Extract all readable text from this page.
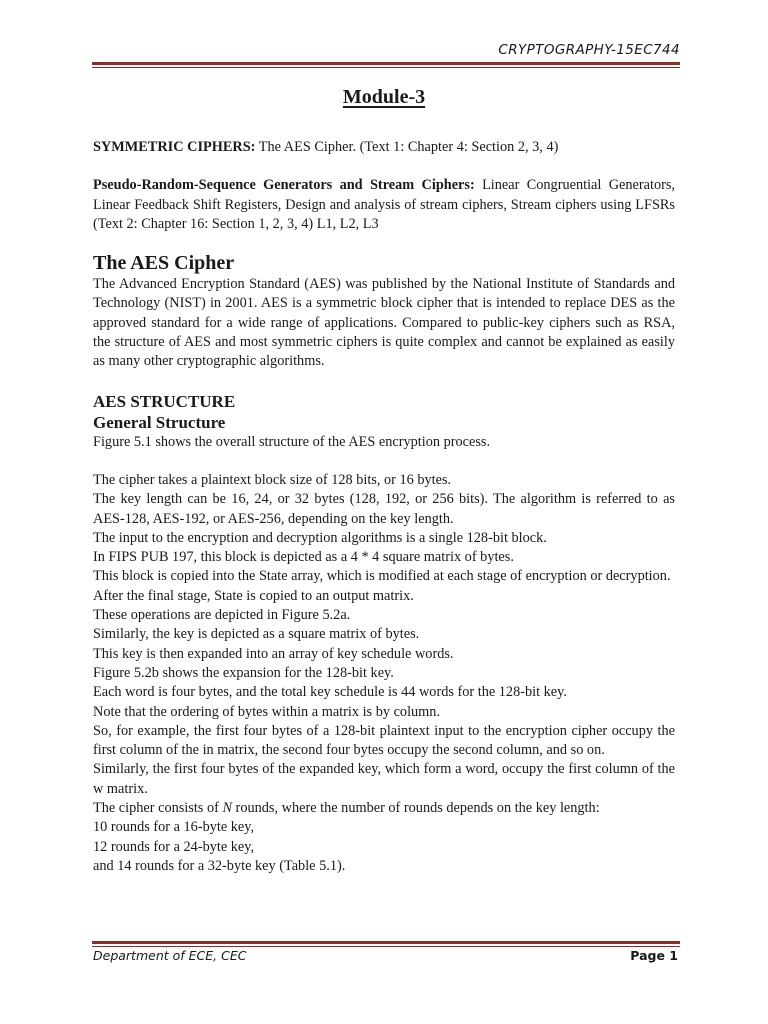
CRYPTOGRAPHY-15EC744
Module-3

SYMMETRIC CIPHERS: The AES Cipher. (Text 1: Chapter 4: Section 2, 3, 4)

Pseudo-Random-Sequence Generators and Stream Ciphers: Linear Congruential Generators, Linear Feedback Shift Registers, Design and analysis of stream ciphers, Stream ciphers using LFSRs (Text 2: Chapter 16: Section 1, 2, 3, 4) L1, L2, L3

The AES Cipher

The Advanced Encryption Standard (AES) was published by the National Institute of Standards and Technology (NIST) in 2001. AES is a symmetric block cipher that is intended to replace DES as the approved standard for a wide range of applications. Compared to public-key ciphers such as RSA, the structure of AES and most symmetric ciphers is quite complex and cannot be explained as easily as many other cryptographic algorithms.

AES STRUCTURE
General Structure

Figure 5.1 shows the overall structure of the AES encryption process.

The cipher takes a plaintext block size of 128 bits, or 16 bytes.

The key length can be 16, 24, or 32 bytes (128, 192, or 256 bits). The algorithm is referred to as AES-128, AES-192, or AES-256, depending on the key length.

The input to the encryption and decryption algorithms is a single 128-bit block.

In FIPS PUB 197, this block is depicted as a 4 * 4 square matrix of bytes.

This block is copied into the State array, which is modified at each stage of encryption or decryption.

After the final stage, State is copied to an output matrix.

These operations are depicted in Figure 5.2a.

Similarly, the key is depicted as a square matrix of bytes.

This key is then expanded into an array of key schedule words.

Figure 5.2b shows the expansion for the 128-bit key.

Each word is four bytes, and the total key schedule is 44 words for the 128-bit key.

Note that the ordering of bytes within a matrix is by column.

So, for example, the first four bytes of a 128-bit plaintext input to the encryption cipher occupy the first column of the in matrix, the second four bytes occupy the second column, and so on.

Similarly, the first four bytes of the expanded key, which form a word, occupy the first column of the w matrix.

The cipher consists of N rounds, where the number of rounds depends on the key length:

10 rounds for a 16-byte key,

12 rounds for a 24-byte key,

and 14 rounds for a 32-byte key (Table 5.1).

Department of ECE, CEC	Page 1
